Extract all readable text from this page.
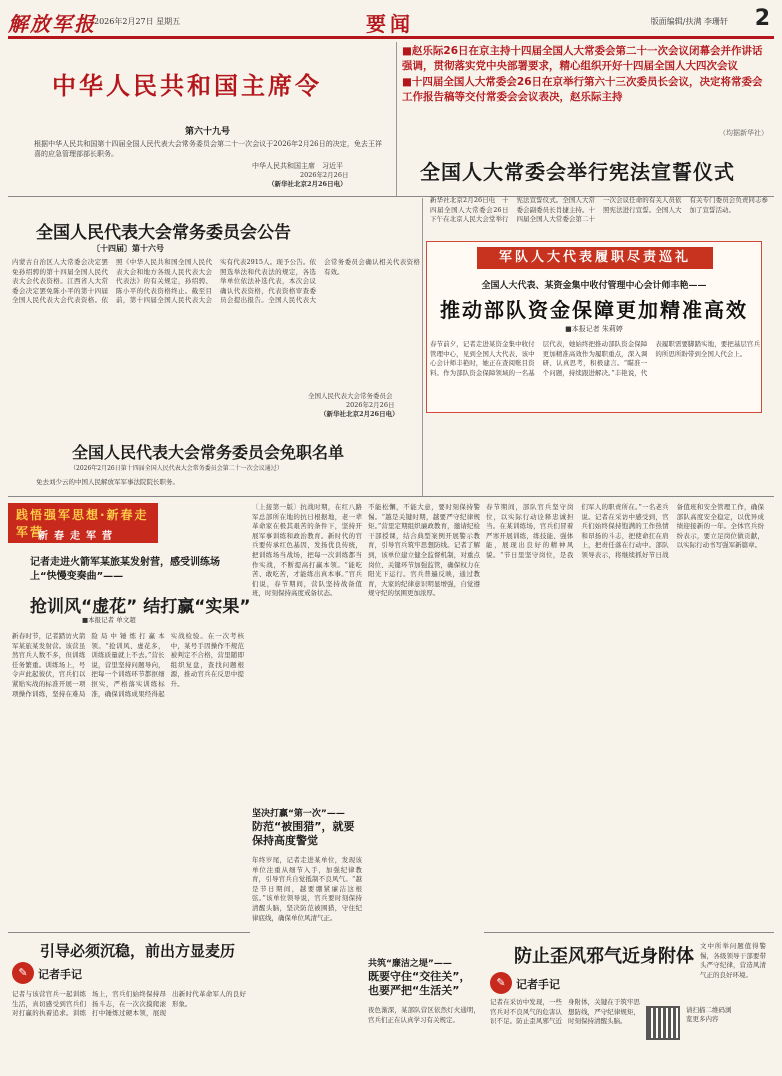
解放军报
2026年2月27日 星期五	要闻	版面编辑/扶满 李珊轩 2
中华人民共和国主席令
第六十九号
根据中华人民共和国第十四届全国人民代表大会常务委员会第二十一次会议于2026年2月26日的决定，免去王祥喜的应急管理部部长职务。
中华人民共和国主席　习近平
2026年2月26日
（新华社北京2月26日电）

■赵乐际26日在京主持十四届全国人大常委会第二十一次会议闭幕会并作讲话强调，贯彻落实党中央部署要求，精心组织开好十四届全国人大四次会议

■十四届全国人大常委会26日在京举行第六十三次委员长会议，决定将常委会工作报告稿等交付常委会会议表决，赵乐际主持

（均据新华社）
全国人大常委会举行宪法宣誓仪式
新华社北京2月26日电　十四届全国人大常委会26日下午在北京人民大会堂举行宪法宣誓仪式。全国人大常委会副委员长肖捷主持。十四届全国人大常委会第二十一次会议任命的有关人员依照宪法进行宣誓。全国人大有关专门委员会负责同志参加了宣誓活动。
全国人民代表大会常务委员会公告
〔十四届〕第十六号
内蒙古自治区人大常委会决定罢免孙绍骋的第十四届全国人民代表大会代表资格。江西省人大常委会决定罢免陈小平的第十四届全国人民代表大会代表资格。依照《中华人民共和国全国人民代表大会和地方各级人民代表大会代表法》的有关规定，孙绍骋、陈小平的代表资格终止。截至目前，第十四届全国人民代表大会实有代表2915人。现予公告。依照选举法和代表法的规定，各选举单位依法补选代表，本次会议确认代表资格，代表资格审查委员会提出报告。全国人民代表大会常务委员会确认相关代表资格有效。
全国人民代表大会常务委员会
2026年2月26日
（新华社北京2月26日电）
全国人民代表大会常务委员会免职名单
（2026年2月26日第十四届全国人民代表大会常务委员会第二十一次会议通过）
免去刘少云的中国人民解放军军事法院院长职务。
军队人大代表履职尽责巡礼
全国人大代表、某资金集中收付管理中心会计师丰艳——
推动部队资金保障更加精准高效
■本报记者 朱莉婷
春节前夕，记者走进某资金集中收付管理中心，见到全国人大代表、该中心会计师丰艳时，她正在查阅账目资料。作为部队资金保障领域的一名基层代表，她始终把推动部队资金保障更加精准高效作为履职重点，深入调研、认真思考，积极建言。“瞄准一个问题，持续跟进解决。”丰艳说，代表履职需要脚踏实地，要把基层官兵的所思所盼带到全国人代会上。
践悟强军思想·新春走军营
新春走军营
记者走进火箭军某旅某发射营，感受训练场上“快慢变奏曲”——
抢训风“虚花” 结打赢“实果”
■本报记者 单文超
新春时节，记者踏访火箭军某旅某发射营。该营虽然官兵人数不多，但训练任务繁重。训练场上，号令声此起彼伏，官兵们以紧贴实战的标准开展一项项操作训练，坚持在难局险局中锤炼打赢本领。“抢训风、虚花多，训练质量就上不去。”营长说，营里坚持问题导向，把每一个训练环节都抠细抠实，严格落实训练标准，确保训练成果经得起实战检验。在一次考核中，某号手因操作不规范被判定不合格，营里随即组织复盘，查找问题根源，推动官兵在反思中提升。
〔上接第一版〕抗战时期，在红八路军总部所在地的抗日根据地，老一辈革命家在极其艰苦的条件下，坚持开展军事训练和政治教育。新时代的官兵要传承红色基因，发扬优良传统，把训练场当战场，把每一次训练都当作实战，不断提高打赢本领。“能吃苦、敢吃苦，才能练出真本事。”官兵们说，春节期间，营队坚持战备值班，时刻保持高度戒备状态。
坚决打赢“第一次”——
防范“被围猎”，就要保持高度警觉
年终岁尾，记者走进某单位，发现该单位注重从细节入手，加强纪律教育，引导官兵自觉抵制不良风气。“越是节日期间，越要绷紧廉洁这根弦。”该单位领导说，官兵要时刻保持清醒头脑，坚决防范被围猎，守住纪律底线，确保单位风清气正。
不能松懈，不能大意，要时刻保持警惕。“越是关键时期，越要严守纪律规矩。”营里定期组织廉政教育，邀请纪检干部授课，结合典型案例开展警示教育，引导官兵筑牢思想防线。记者了解到，该单位建立健全监督机制，对重点岗位、关键环节加强监管，确保权力在阳光下运行。官兵普遍反映，通过教育，大家的纪律意识明显增强，自觉遵规守纪的氛围更加浓厚。
共筑“廉洁之堤”——
既要守住“交往关”，也要严把“生活关”
夜色渐深，某部队营区依然灯火通明，官兵们正在认真学习有关规定。
春节期间，部队官兵坚守岗位，以实际行动诠释忠诚担当。在某训练场，官兵们冒着严寒开展训练，练技能、强体能，展现出良好的精神风貌。“节日里坚守岗位，是我们军人的职责所在。”一名老兵说。记者在采访中感受到，官兵们始终保持饱满的工作热情和昂扬的斗志，把使命扛在肩上，把责任落在行动中。部队领导表示，将继续抓好节日战备值班和安全管理工作，确保部队高度安全稳定，以优异成绩迎接新的一年。全体官兵纷纷表示，要立足岗位做贡献，以实际行动书写强军新篇章。
请扫描二维码浏览更多内容
引导必须沉稳，前出方显麦历
✎ 记者手记
记者与该营官兵一起训练生活，真切感受到官兵们对打赢的执着追求。训练场上，官兵们始终保持昂扬斗志，在一次次摸爬滚打中锤炼过硬本领，展现出新时代革命军人的良好形象。
防止歪风邪气近身附体
✎ 记者手记
记者在采访中发现，一些官兵对不良风气的危害认识不足。防止歪风邪气近身附体，关键在于筑牢思想防线，严守纪律规矩，时刻保持清醒头脑。
文中所举问题值得警惕，各级领导干部要带头严守纪律，营造风清气正的良好环境。
